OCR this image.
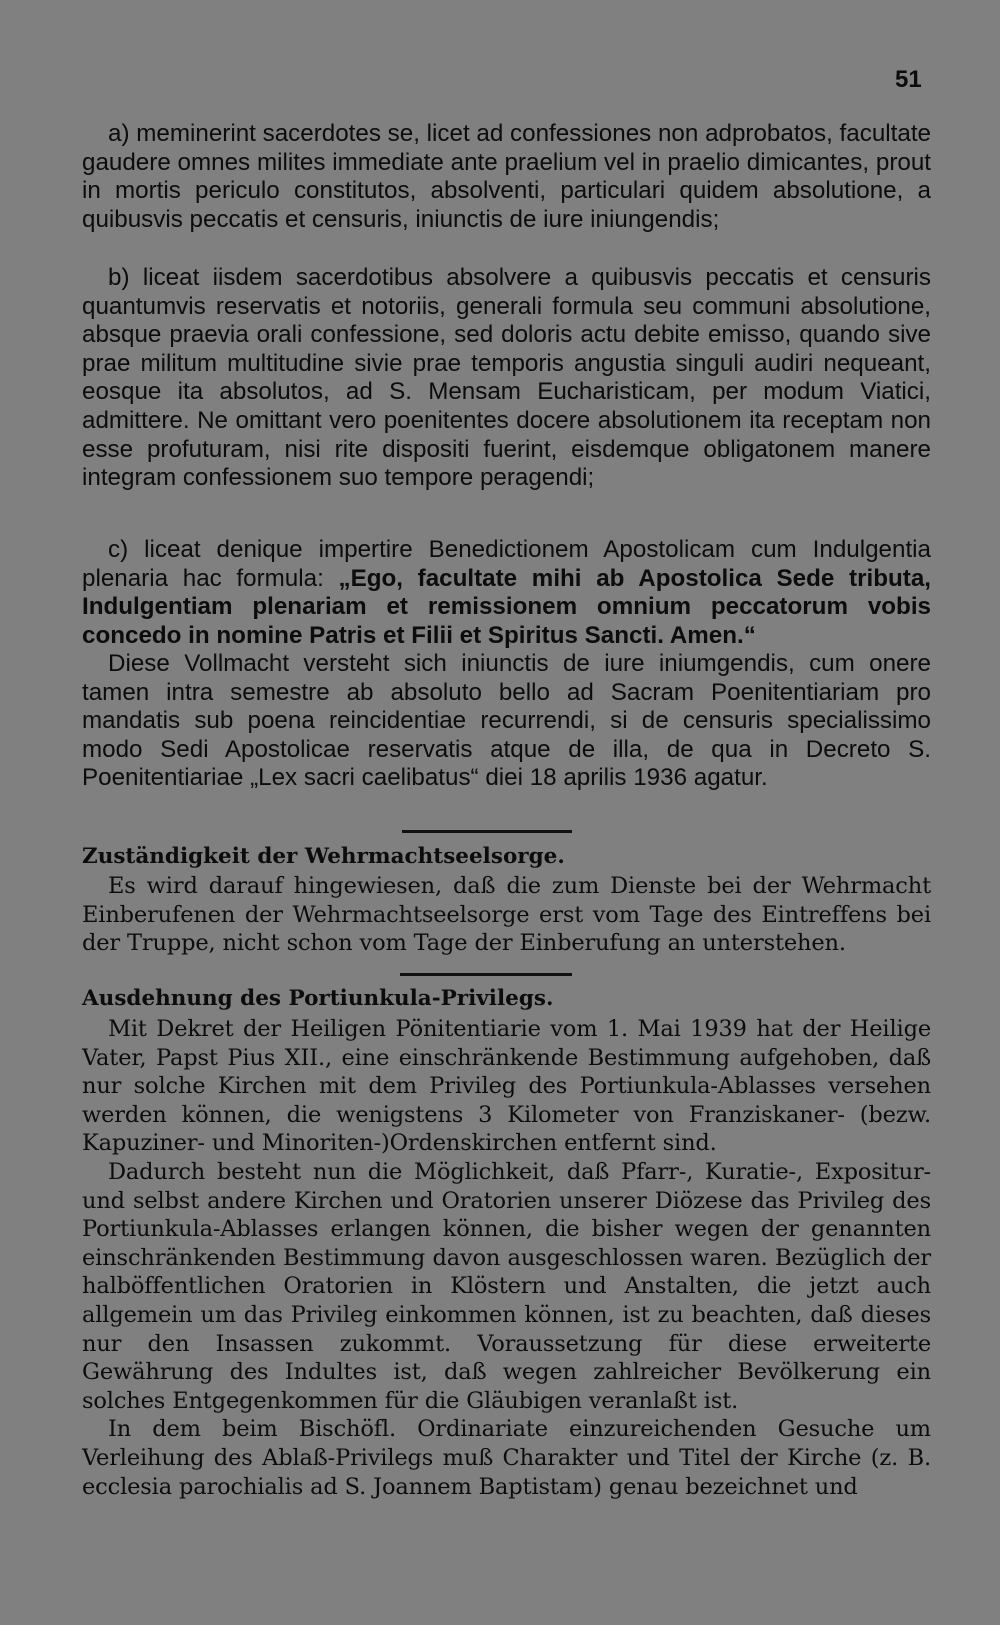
51

a) meminerint sacerdotes se, licet ad confessiones non adprobatos, facultate gaudere omnes milites immediate ante praelium vel in praelio dimicantes, prout in mortis periculo constitutos, absolventi, particulari quidem absolutione, a quibusvis peccatis et censuris, iniunctis de iure iniungendis;

b) liceat iisdem sacerdotibus absolvere a quibusvis peccatis et censuris quantumvis reservatis et notoriis, generali formula seu communi absolutione, absque praevia orali confessione, sed doloris actu debite emisso, quando sive prae militum multitudine sivie prae temporis angustia singuli audiri nequeant, eosque ita absolutos, ad S. Mensam Eucharisticam, per modum Viatici, admittere. Ne omittant vero poenitentes docere absolutionem ita receptam non esse profuturam, nisi rite dispositi fuerint, eisdemque obligatonem manere integram confessionem suo tempore peragendi;

c) liceat denique impertire Benedictionem Apostolicam cum Indulgentia plenaria hac formula: „Ego, facultate mihi ab Apostolica Sede tributa, Indulgentiam plenariam et remissionem omnium peccatorum vobis concedo in nomine Patris et Filii et Spiritus Sancti. Amen.“

Diese Vollmacht versteht sich iniunctis de iure iniumgendis, cum onere tamen intra semestre ab absoluto bello ad Sacram Poenitentiariam pro mandatis sub poena reincidentiae recurrendi, si de censuris specialissimo modo Sedi Apostolicae reservatis atque de illa, de qua in Decreto S. Poenitentiariae „Lex sacri caelibatus“ diei 18 aprilis 1936 agatur.

Zuständigkeit der Wehrmachtseelsorge.

Es wird darauf hingewiesen, daß die zum Dienste bei der Wehrmacht Einberufenen der Wehrmachtseelsorge erst vom Tage des Eintreffens bei der Truppe, nicht schon vom Tage der Einberufung an unterstehen.

Ausdehnung des Portiunkula-Privilegs.

Mit Dekret der Heiligen Pönitentiarie vom 1. Mai 1939 hat der Heilige Vater, Papst Pius XII., eine einschränkende Bestimmung aufgehoben, daß nur solche Kirchen mit dem Privileg des Portiunkula-Ablasses versehen werden können, die wenigstens 3 Kilometer von Franziskaner- (bezw. Kapuziner- und Minoriten-)Ordenskirchen entfernt sind.

Dadurch besteht nun die Möglichkeit, daß Pfarr-, Kuratie-, Expositur- und selbst andere Kirchen und Oratorien unserer Diözese das Privileg des Portiunkula-Ablasses erlangen können, die bisher wegen der genannten einschränkenden Bestimmung davon ausgeschlossen waren. Bezüglich der halböffentlichen Oratorien in Klöstern und Anstalten, die jetzt auch allgemein um das Privileg einkommen können, ist zu beachten, daß dieses nur den Insassen zukommt. Voraussetzung für diese erweiterte Gewährung des Indultes ist, daß wegen zahlreicher Bevölkerung ein solches Entgegenkommen für die Gläubigen veranlaßt ist.

In dem beim Bischöfl. Ordinariate einzureichenden Gesuche um Verleihung des Ablaß-Privilegs muß Charakter und Titel der Kirche (z. B. ecclesia parochialis ad S. Joannem Baptistam) genau bezeichnet und
